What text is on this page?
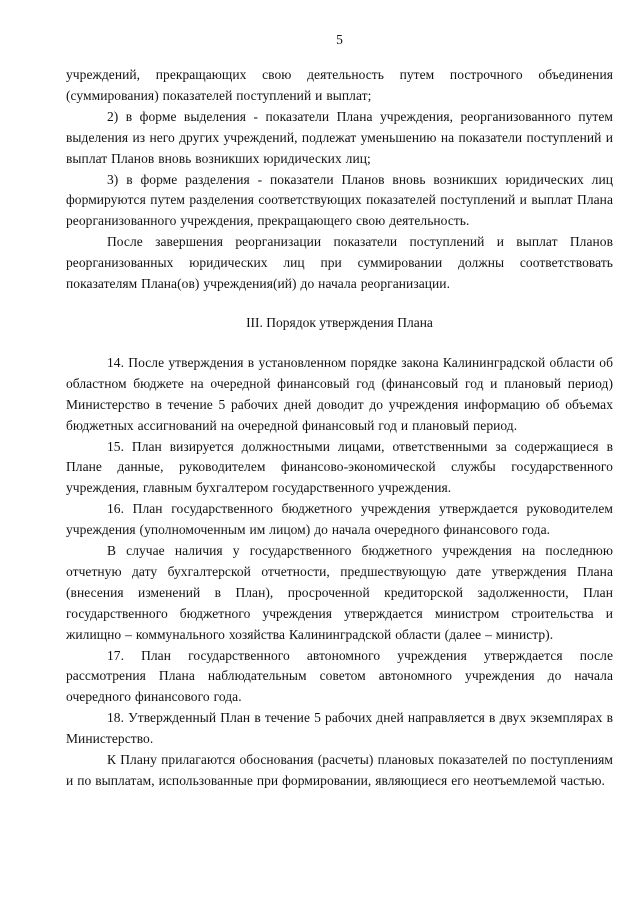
5

учреждений, прекращающих свою деятельность путем построчного объединения (суммирования) показателей поступлений и выплат;

2) в форме выделения - показатели Плана учреждения, реорганизованного путем выделения из него других учреждений, подлежат уменьшению на показатели поступлений и выплат Планов вновь возникших юридических лиц;

3) в форме разделения - показатели Планов вновь возникших юридических лиц формируются путем разделения соответствующих показателей поступлений и выплат Плана реорганизованного учреждения, прекращающего свою деятельность.

После завершения реорганизации показатели поступлений и выплат Планов реорганизованных юридических лиц при суммировании должны соответствовать показателям Плана(ов) учреждения(ий) до начала реорганизации.

III. Порядок утверждения Плана

14. После утверждения в установленном порядке закона Калининградской области об областном бюджете на очередной финансовый год (финансовый год и плановый период) Министерство в течение 5 рабочих дней доводит до учреждения информацию об объемах бюджетных ассигнований на очередной финансовый год и плановый период.

15. План визируется должностными лицами, ответственными за содержащиеся в Плане данные, руководителем финансово-экономической службы государственного учреждения, главным бухгалтером государственного учреждения.

16. План государственного бюджетного учреждения утверждается руководителем учреждения (уполномоченным им лицом) до начала очередного финансового года.

В случае наличия у государственного бюджетного учреждения на последнюю отчетную дату бухгалтерской отчетности, предшествующую дате утверждения Плана (внесения изменений в План), просроченной кредиторской задолженности, План государственного бюджетного учреждения утверждается министром строительства и жилищно – коммунального хозяйства Калининградской области (далее – министр).

17. План государственного автономного учреждения утверждается после рассмотрения Плана наблюдательным советом автономного учреждения до начала очередного финансового года.

18. Утвержденный План в течение 5 рабочих дней направляется в двух экземплярах в Министерство.

К Плану прилагаются обоснования (расчеты) плановых показателей по поступлениям и по выплатам, использованные при формировании, являющиеся его неотъемлемой частью.
